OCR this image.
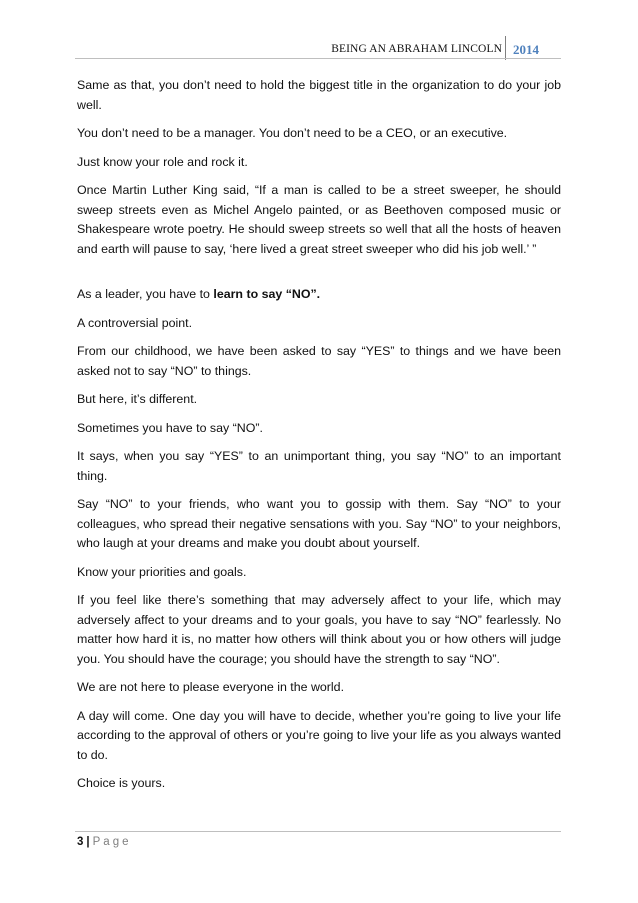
BEING AN ABRAHAM LINCOLN 2014

Same as that, you don’t need to hold the biggest title in the organization to do your job well.

You don’t need to be a manager. You don’t need to be a CEO, or an executive.

Just know your role and rock it.

Once Martin Luther King said, “If a man is called to be a street sweeper, he should sweep streets even as Michel Angelo painted, or as Beethoven composed music or Shakespeare wrote poetry. He should sweep streets so well that all the hosts of heaven and earth will pause to say, ‘here lived a great street sweeper who did his job well.’ ”

As a leader, you have to learn to say “NO”.

A controversial point.

From our childhood, we have been asked to say “YES” to things and we have been asked not to say “NO” to things.

But here, it’s different.

Sometimes you have to say “NO”.

It says, when you say “YES” to an unimportant thing, you say “NO” to an important thing.

Say “NO” to your friends, who want you to gossip with them. Say “NO” to your colleagues, who spread their negative sensations with you. Say “NO” to your neighbors, who laugh at your dreams and make you doubt about yourself.

Know your priorities and goals.

If you feel like there’s something that may adversely affect to your life, which may adversely affect to your dreams and to your goals, you have to say “NO” fearlessly. No matter how hard it is, no matter how others will think about you or how others will judge you. You should have the courage; you should have the strength to say “NO”.

We are not here to please everyone in the world.

A day will come. One day you will have to decide, whether you’re going to live your life according to the approval of others or you’re going to live your life as you always wanted to do.

Choice is yours.

3 | Page
